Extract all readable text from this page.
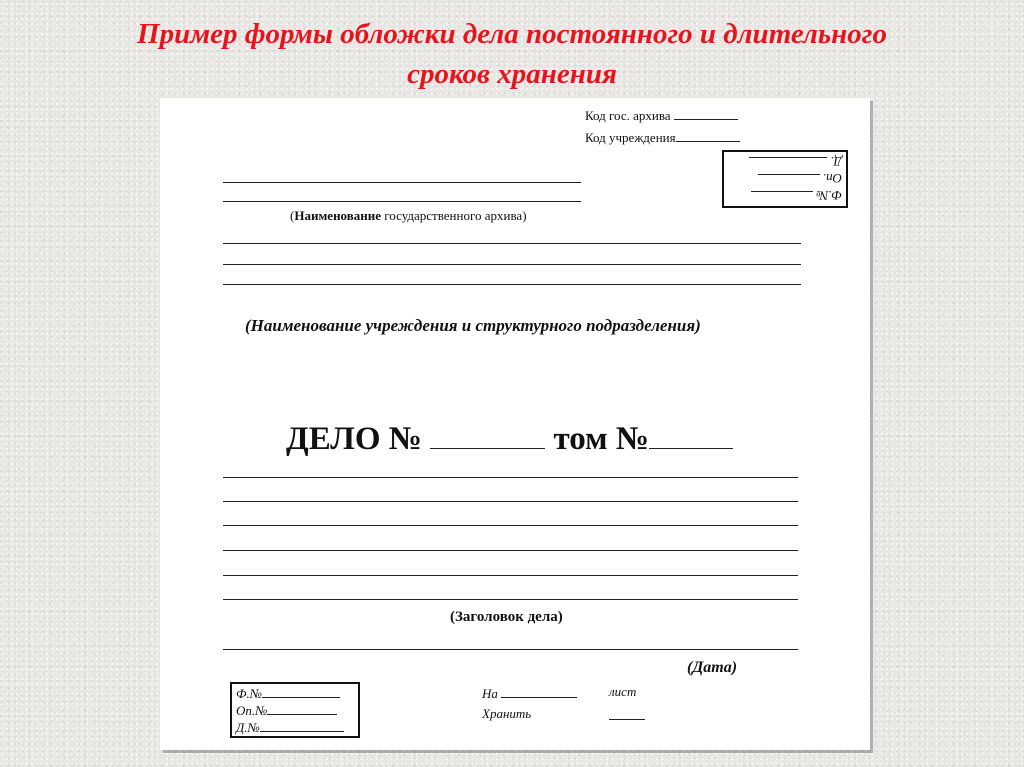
Пример формы обложки дела постоянного и длительного
сроков хранения
Код гос. архива
Код учреждения
Ф.№
Оп.
Д.
(Наименование государственного архива)
(Наименование учреждения и структурного подразделения)
ДЕЛО №	том №
(Заголовок дела)
(Дата)
Ф.№
Оп.№
Д.№
На	лист
Хранить
